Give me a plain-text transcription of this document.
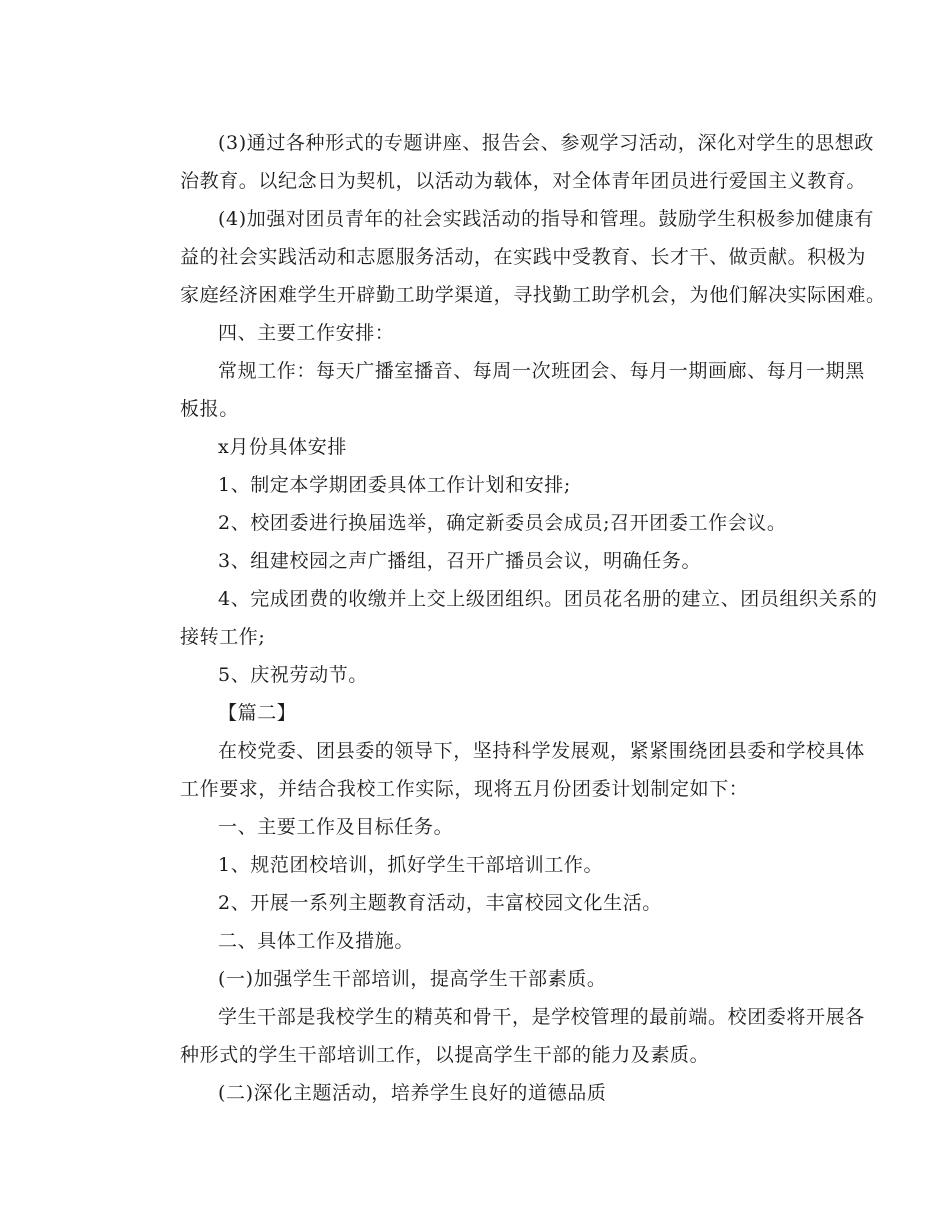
(3)通过各种形式的专题讲座、报告会、参观学习活动，深化对学生的思想政
治教育。以纪念日为契机，以活动为载体，对全体青年团员进行爱国主义教育。

(4)加强对团员青年的社会实践活动的指导和管理。鼓励学生积极参加健康有
益的社会实践活动和志愿服务活动，在实践中受教育、长才干、做贡献。积极为
家庭经济困难学生开辟勤工助学渠道，寻找勤工助学机会，为他们解决实际困难。

四、主要工作安排：

常规工作：每天广播室播音、每周一次班团会、每月一期画廊、每月一期黑
板报。

x月份具体安排

1、制定本学期团委具体工作计划和安排;

2、校团委进行换届选举，确定新委员会成员;召开团委工作会议。

3、组建校园之声广播组，召开广播员会议，明确任务。

4、完成团费的收缴并上交上级团组织。团员花名册的建立、团员组织关系的
接转工作;

5、庆祝劳动节。

【篇二】

在校党委、团县委的领导下，坚持科学发展观，紧紧围绕团县委和学校具体
工作要求，并结合我校工作实际，现将五月份团委计划制定如下：

一、主要工作及目标任务。

1、规范团校培训，抓好学生干部培训工作。

2、开展一系列主题教育活动，丰富校园文化生活。

二、具体工作及措施。

(一)加强学生干部培训，提高学生干部素质。

学生干部是我校学生的精英和骨干，是学校管理的最前端。校团委将开展各
种形式的学生干部培训工作，以提高学生干部的能力及素质。

(二)深化主题活动，培养学生良好的道德品质
